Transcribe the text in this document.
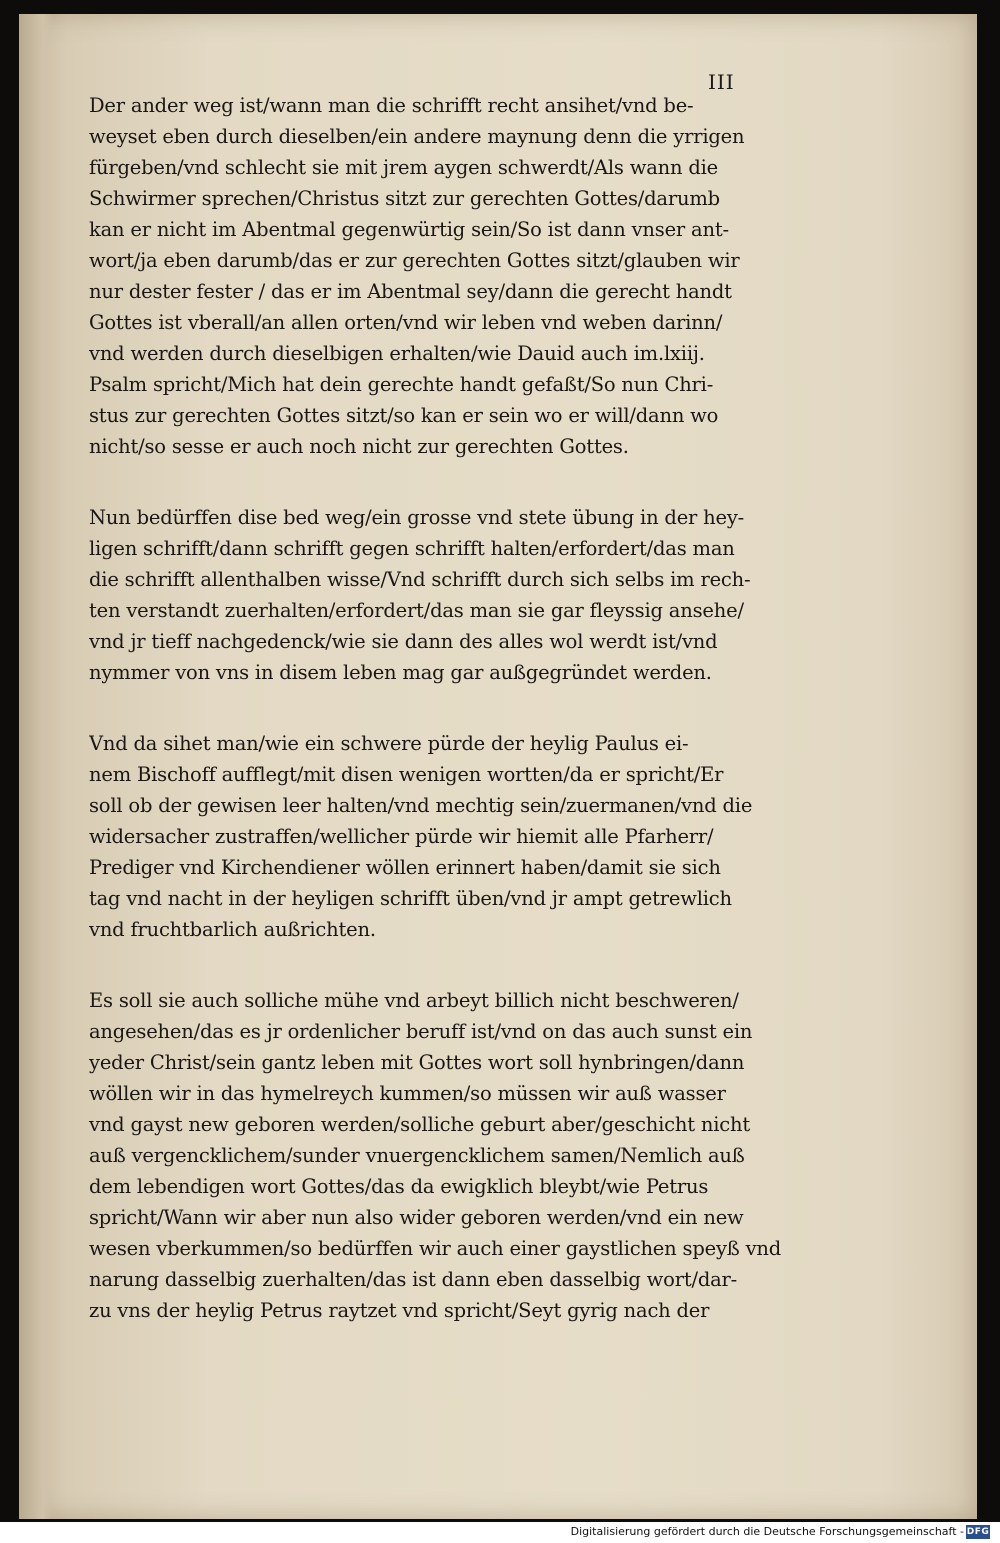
III
Der ander weg ist/wann man die schrifft recht ansihet/vnd be-
weyset eben durch dieselben/ein andere maynung denn die yrrigen
fürgeben/vnd schlecht sie mit jrem aygen schwerdt/Als wann die
Schwirmer sprechen/Christus sitzt zur gerechten Gottes/darumb
kan er nicht im Abentmal gegenwürtig sein/So ist dann vnser ant-
wort/ja eben darumb/das er zur gerechten Gottes sitzt/glauben wir
nur dester fester / das er im Abentmal sey/dann die gerecht handt
Gottes ist vberall/an allen orten/vnd wir leben vnd weben darinn/
vnd werden durch dieselbigen erhalten/wie Dauid auch im.lxiij.
Psalm spricht/Mich hat dein gerechte handt gefaßt/So nun Chri-
stus zur gerechten Gottes sitzt/so kan er sein wo er will/dann wo
nicht/so sesse er auch noch nicht zur gerechten Gottes.
Nun bedürffen dise bed weg/ein grosse vnd stete übung in der hey-
ligen schrifft/dann schrifft gegen schrifft halten/erfordert/das man
die schrifft allenthalben wisse/Vnd schrifft durch sich selbs im rech-
ten verstandt zuerhalten/erfordert/das man sie gar fleyssig ansehe/
vnd jr tieff nachgedenck/wie sie dann des alles wol werdt ist/vnd
nymmer von vns in disem leben mag gar außgegründet werden.
Vnd da sihet man/wie ein schwere pürde der heylig Paulus ei-
nem Bischoff aufflegt/mit disen wenigen wortten/da er spricht/Er
soll ob der gewisen leer halten/vnd mechtig sein/zuermanen/vnd die
widersacher zustraffen/wellicher pürde wir hiemit alle Pfarherr/
Prediger vnd Kirchendiener wöllen erinnert haben/damit sie sich
tag vnd nacht in der heyligen schrifft üben/vnd jr ampt getrewlich
vnd fruchtbarlich außrichten.
Es soll sie auch solliche mühe vnd arbeyt billich nicht beschweren/
angesehen/das es jr ordenlicher beruff ist/vnd on das auch sunst ein
yeder Christ/sein gantz leben mit Gottes wort soll hynbringen/dann
wöllen wir in das hymelreych kummen/so müssen wir auß wasser
vnd gayst new geboren werden/solliche geburt aber/geschicht nicht
auß vergencklichem/sunder vnuergencklichem samen/Nemlich auß
dem lebendigen wort Gottes/das da ewigklich bleybt/wie Petrus
spricht/Wann wir aber nun also wider geboren werden/vnd ein new
wesen vberkummen/so bedürffen wir auch einer gaystlichen speyß vnd
narung dasselbig zuerhalten/das ist dann eben dasselbig wort/dar-
zu vns der heylig Petrus raytzet vnd spricht/Seyt gyrig nach der
Digitalisierung gefördert durch die Deutsche Forschungsgemeinschaft - DFG
